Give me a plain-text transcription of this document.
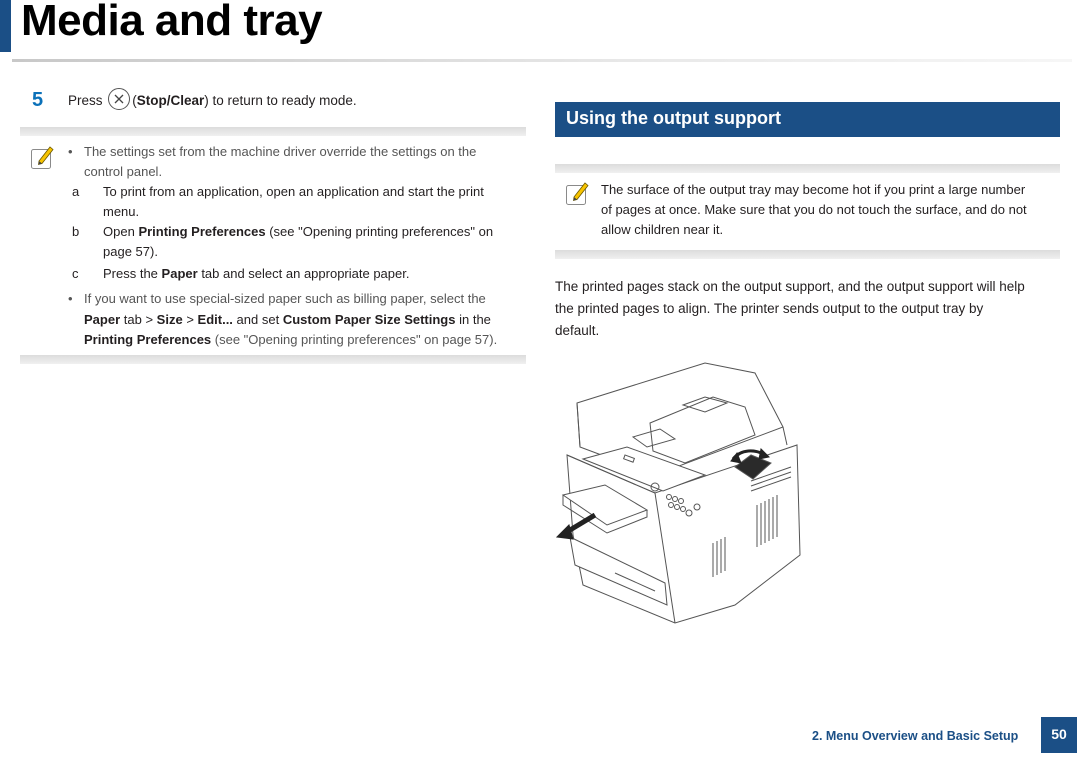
Media and tray
5 Press (Stop/Clear) to return to ready mode.
• The settings set from the machine driver override the settings on the
control panel.
a To print from an application, open an application and start the print
menu.
b Open Printing Preferences (see "Opening printing preferences" on
page 57).
c Press the Paper tab and select an appropriate paper.
• If you want to use special-sized paper such as billing paper, select the
Paper tab > Size > Edit... and set Custom Paper Size Settings in the
Printing Preferences (see "Opening printing preferences" on page 57).
Using the output support
The surface of the output tray may become hot if you print a large number
of pages at once. Make sure that you do not touch the surface, and do not
allow children near it.
The printed pages stack on the output support, and the output support will help
the printed pages to align. The printer sends output to the output tray by
default.
2. Menu Overview and Basic Setup	50
